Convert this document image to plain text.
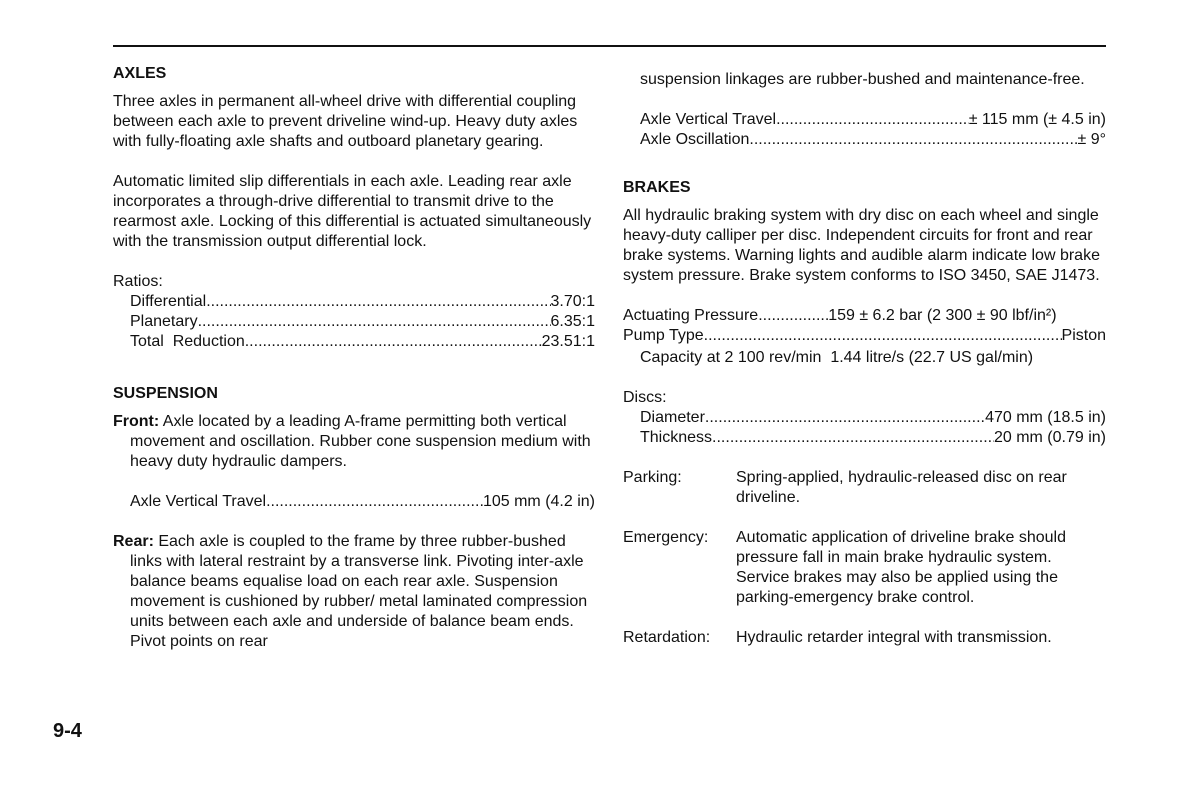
AXLES

Three axles in permanent all-wheel drive with differential coupling between each axle to prevent driveline wind-up. Heavy duty axles with fully-floating axle shafts and outboard planetary gearing.

Automatic limited slip differentials in each axle. Leading rear axle incorporates a through-drive differential to transmit drive to the rearmost axle. Locking of this differential is actuated simultaneously with the transmission output differential lock.

Ratios:

Differential .....	3.70:1
Planetary .....	6.35:1
Total  Reduction .....	23.51:1
SUSPENSION

Front: Axle located by a leading A-frame permitting both vertical movement and oscillation. Rubber cone suspension medium with heavy duty hydraulic dampers.

Axle Vertical Travel .....	105 mm (4.2 in)

Rear: Each axle is coupled to the frame by three rubber-bushed links with lateral restraint by a transverse link. Pivoting inter-axle balance beams equalise load on each rear axle. Suspension movement is cushioned by rubber/ metal laminated compression units between each axle and underside of balance beam ends. Pivot points on rear

suspension linkages are rubber-bushed and maintenance-free.

Axle Vertical Travel .....	± 115 mm (± 4.5 in)
Axle Oscillation .....	± 9°
BRAKES

All hydraulic braking system with dry disc on each wheel and single heavy-duty calliper per disc. Independent circuits for front and rear brake systems. Warning lights and audible alarm indicate low brake system pressure. Brake system conforms to ISO 3450, SAE J1473.

Actuating Pressure .....	159 ± 6.2 bar (2 300 ± 90 lbf/in²)
Pump Type .....	Piston

Capacity at 2 100 rev/min  1.44 litre/s (22.7 US gal/min)

Discs:

Diameter .....	470 mm (18.5 in)
Thickness .....	20 mm (0.79 in)
Parking:	Spring-applied, hydraulic-released disc on rear driveline.
Emergency:	Automatic application of driveline brake should pressure fall in main brake hydraulic system. Service brakes may also be applied using the parking-emergency brake control.
Retardation:	Hydraulic retarder integral with transmission.
9-4
